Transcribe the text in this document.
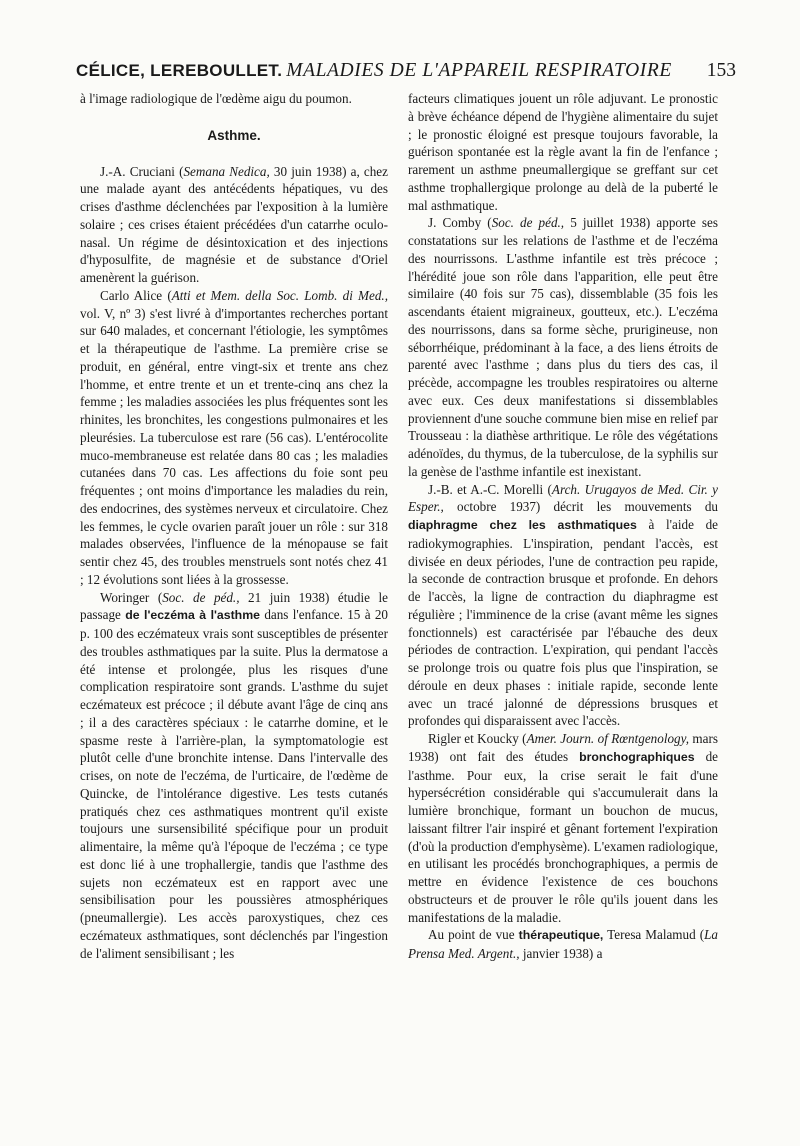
CÉLICE, LEREBOULLET. MALADIES DE L'APPAREIL RESPIRATOIRE 153

à l'image radiologique de l'œdème aigu du poumon.

Asthme.

J.-A. Cruciani (Semana Nedica, 30 juin 1938) a, chez une malade ayant des antécédents hépatiques, vu des crises d'asthme déclenchées par l'exposition à la lumière solaire ; ces crises étaient précédées d'un catarrhe oculo-nasal. Un régime de désintoxication et des injections d'hyposulfite, de magnésie et de substance d'Oriel amenèrent la guérison.

Carlo Alice (Atti et Mem. della Soc. Lomb. di Med., vol. V, nº 3) s'est livré à d'importantes recherches portant sur 640 malades, et concernant l'étiologie, les symptômes et la thérapeutique de l'asthme. La première crise se produit, en général, entre vingt-six et trente ans chez l'homme, et entre trente et un et trente-cinq ans chez la femme ; les maladies associées les plus fréquentes sont les rhinites, les bronchites, les congestions pulmonaires et les pleurésies. La tuberculose est rare (56 cas). L'entérocolite muco-membraneuse est relatée dans 80 cas ; les maladies cutanées dans 70 cas. Les affections du foie sont peu fréquentes ; ont moins d'importance les maladies du rein, des endocrines, des systèmes nerveux et circulatoire. Chez les femmes, le cycle ovarien paraît jouer un rôle : sur 318 malades observées, l'influence de la ménopause se fait sentir chez 45, des troubles menstruels sont notés chez 41 ; 12 évolutions sont liées à la grossesse.

Woringer (Soc. de péd., 21 juin 1938) étudie le passage de l'eczéma à l'asthme dans l'enfance. 15 à 20 p. 100 des eczémateux vrais sont susceptibles de présenter des troubles asthmatiques par la suite. Plus la dermatose a été intense et prolongée, plus les risques d'une complication respiratoire sont grands. L'asthme du sujet eczémateux est précoce ; il débute avant l'âge de cinq ans ; il a des caractères spéciaux : le catarrhe domine, et le spasme reste à l'arrière-plan, la symptomatologie est plutôt celle d'une bronchite intense. Dans l'intervalle des crises, on note de l'eczéma, de l'urticaire, de l'œdème de Quincke, de l'intolérance digestive. Les tests cutanés pratiqués chez ces asthmatiques montrent qu'il existe toujours une sursensibilité spécifique pour un produit alimentaire, la même qu'à l'époque de l'eczéma ; ce type est donc lié à une trophallergie, tandis que l'asthme des sujets non eczémateux est en rapport avec une sensibilisation pour les poussières atmosphériques (pneumallergie). Les accès paroxystiques, chez ces eczémateux asthmatiques, sont déclenchés par l'ingestion de l'aliment sensibilisant ; les

facteurs climatiques jouent un rôle adjuvant. Le pronostic à brève échéance dépend de l'hygiène alimentaire du sujet ; le pronostic éloigné est presque toujours favorable, la guérison spontanée est la règle avant la fin de l'enfance ; rarement un asthme pneumallergique se greffant sur cet asthme trophallergique prolonge au delà de la puberté le mal asthmatique.

J. Comby (Soc. de péd., 5 juillet 1938) apporte ses constatations sur les relations de l'asthme et de l'eczéma des nourrissons. L'asthme infantile est très précoce ; l'hérédité joue son rôle dans l'apparition, elle peut être similaire (40 fois sur 75 cas), dissemblable (35 fois les ascendants étaient migraineux, goutteux, etc.). L'eczéma des nourrissons, dans sa forme sèche, prurigineuse, non séborrhéique, prédominant à la face, a des liens étroits de parenté avec l'asthme ; dans plus du tiers des cas, il précède, accompagne les troubles respiratoires ou alterne avec eux. Ces deux manifestations si dissemblables proviennent d'une souche commune bien mise en relief par Trousseau : la diathèse arthritique. Le rôle des végétations adénoïdes, du thymus, de la tuberculose, de la syphilis sur la genèse de l'asthme infantile est inexistant.

J.-B. et A.-C. Morelli (Arch. Urugayos de Med. Cir. y Esper., octobre 1937) décrit les mouvements du diaphragme chez les asthmatiques à l'aide de radiokymographies. L'inspiration, pendant l'accès, est divisée en deux périodes, l'une de contraction peu rapide, la seconde de contraction brusque et profonde. En dehors de l'accès, la ligne de contraction du diaphragme est régulière ; l'imminence de la crise (avant même les signes fonctionnels) est caractérisée par l'ébauche des deux périodes de contraction. L'expiration, qui pendant l'accès se prolonge trois ou quatre fois plus que l'inspiration, se déroule en deux phases : initiale rapide, seconde lente avec un tracé jalonné de dépressions brusques et profondes qui disparaissent avec l'accès.

Rigler et Koucky (Amer. Journ. of Rœntgenology, mars 1938) ont fait des études bronchographiques de l'asthme. Pour eux, la crise serait le fait d'une hypersécrétion considérable qui s'accumulerait dans la lumière bronchique, formant un bouchon de mucus, laissant filtrer l'air inspiré et gênant fortement l'expiration (d'où la production d'emphysème). L'examen radiologique, en utilisant les procédés bronchographiques, a permis de mettre en évidence l'existence de ces bouchons obstructeurs et de prouver le rôle qu'ils jouent dans les manifestations de la maladie.

Au point de vue thérapeutique, Teresa Malamud (La Prensa Med. Argent., janvier 1938) a
